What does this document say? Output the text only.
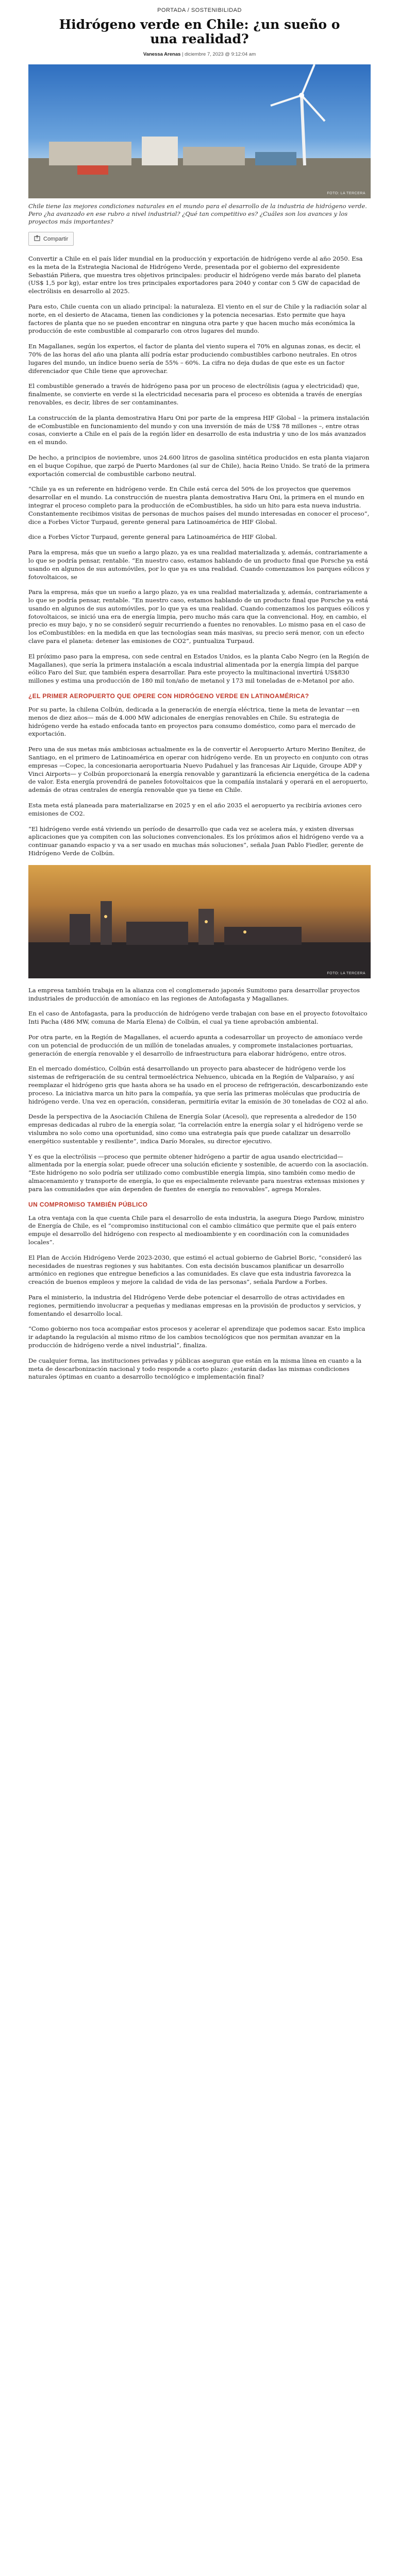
PORTADA / SOSTENIBILIDAD
Hidrógeno verde en Chile: ¿un sueño o una realidad?
Vanessa Arenas | diciembre 7, 2023 @ 9:12:04 am
FOTO: LA TERCERA

Chile tiene las mejores condiciones naturales en el mundo para el desarrollo de la industria de hidrógeno verde. Pero ¿ha avanzado en ese rubro a nivel industrial? ¿Qué tan competitivo es? ¿Cuáles son los avances y los proyectos más importantes?

Compartir

Convertir a Chile en el país líder mundial en la producción y exportación de hidrógeno verde al año 2050. Esa es la meta de la Estrategia Nacional de Hidrógeno Verde, presentada por el gobierno del expresidente Sebastián Piñera, que muestra tres objetivos principales: producir el hidrógeno verde más barato del planeta (US$ 1,5 por kg), estar entre los tres principales exportadores para 2040 y contar con 5 GW de capacidad de electrólisis en desarrollo al 2025.

Para esto, Chile cuenta con un aliado principal: la naturaleza. El viento en el sur de Chile y la radiación solar al norte, en el desierto de Atacama, tienen las condiciones y la potencia necesarias. Esto permite que haya factores de planta que no se pueden encontrar en ninguna otra parte y que hacen mucho más económica la producción de este combustible al compararlo con otros lugares del mundo.

En Magallanes, según los expertos, el factor de planta del viento supera el 70% en algunas zonas, es decir, el 70% de las horas del año una planta allí podría estar produciendo combustibles carbono neutrales. En otros lugares del mundo, un índice bueno sería de 55% – 60%. La cifra no deja dudas de que este es un factor diferenciador que Chile tiene que aprovechar.

El combustible generado a través de hidrógeno pasa por un proceso de electrólisis (agua y electricidad) que, finalmente, se convierte en verde si la electricidad necesaria para el proceso es obtenida a través de energías renovables, es decir, libres de ser contaminantes.

La construcción de la planta demostrativa Haru Oni por parte de la empresa HIF Global – la primera instalación de eCombustible en funcionamiento del mundo y con una inversión de más de US$ 78 millones –, entre otras cosas, convierte a Chile en el país de la región líder en desarrollo de esta industria y uno de los más avanzados en el mundo.

De hecho, a principios de noviembre, unos 24.600 litros de gasolina sintética producidos en esta planta viajaron en el buque Copihue, que zarpó de Puerto Mardones (al sur de Chile), hacia Reino Unido. Se trató de la primera exportación comercial de combustible carbono neutral.

“Chile ya es un referente en hidrógeno verde. En Chile está cerca del 50% de los proyectos que queremos desarrollar en el mundo. La construcción de nuestra planta demostrativa Haru Oni, la primera en el mundo en integrar el proceso completo para la producción de eCombustibles, ha sido un hito para esta nueva industria. Constantemente recibimos visitas de personas de muchos países del mundo interesadas en conocer el proceso”, dice a Forbes Víctor Turpaud, gerente general para Latinoamérica de HIF Global.

dice a Forbes Víctor Turpaud, gerente general para Latinoamérica de HIF Global.

Para la empresa, más que un sueño a largo plazo, ya es una realidad materializada y, además, contrariamente a lo que se podría pensar, rentable. “En nuestro caso, estamos hablando de un producto final que Porsche ya está usando en algunos de sus automóviles, por lo que ya es una realidad. Cuando comenzamos los parques eólicos y fotovoltaicos, se

Para la empresa, más que un sueño a largo plazo, ya es una realidad materializada y, además, contrariamente a lo que se podría pensar, rentable. “En nuestro caso, estamos hablando de un producto final que Porsche ya está usando en algunos de sus automóviles, por lo que ya es una realidad. Cuando comenzamos los parques eólicos y fotovoltaicos, se inició una era de energía limpia, pero mucho más cara que la convencional. Hoy, en cambio, el precio es muy bajo, y no se consideró seguir recurriendo a fuentes no renovables. Lo mismo pasa en el caso de los eCombustibles: en la medida en que las tecnologías sean más masivas, su precio será menor, con un efecto clave para el planeta: detener las emisiones de CO2”, puntualiza Turpaud.

El próximo paso para la empresa, con sede central en Estados Unidos, es la planta Cabo Negro (en la Región de Magallanes), que sería la primera instalación a escala industrial alimentada por la energía limpia del parque eólico Faro del Sur, que también espera desarrollar. Para este proyecto la multinacional invertirá US$830 millones y estima una producción de 180 mil ton/año de metanol y 173 mil toneladas de e-Metanol por año.

¿EL PRIMER AEROPUERTO QUE OPERE CON HIDRÓGENO VERDE EN LATINOAMÉRICA?

Por su parte, la chilena Colbún, dedicada a la generación de energía eléctrica, tiene la meta de levantar —en menos de diez años— más de 4.000 MW adicionales de energías renovables en Chile. Su estrategia de hidrógeno verde ha estado enfocada tanto en proyectos para consumo doméstico, como para el mercado de exportación.

Pero una de sus metas más ambiciosas actualmente es la de convertir el Aeropuerto Arturo Merino Benítez, de Santiago, en el primero de Latinoamérica en operar con hidrógeno verde. En un proyecto en conjunto con otras empresas —Copec, la concesionaria aeroportuaria Nuevo Pudahuel y las francesas Air Liquide, Groupe ADP y Vinci Airports— y Colbún proporcionará la energía renovable y garantizará la eficiencia energética de la cadena de valor. Esta energía provendrá de paneles fotovoltaicos que la compañía instalará y operará en el aeropuerto, además de otras centrales de energía renovable que ya tiene en Chile.

Esta meta está planeada para materializarse en 2025 y en el año 2035 el aeropuerto ya recibiría aviones cero emisiones de CO2.

“El hidrógeno verde está viviendo un período de desarrollo que cada vez se acelera más, y existen diversas aplicaciones que ya compiten con las soluciones convencionales. Es los próximos años el hidrógeno verde va a continuar ganando espacio y va a ser usado en muchas más soluciones”, señala Juan Pablo Fiedler, gerente de Hidrógeno Verde de Colbún.

FOTO: LA TERCERA

La empresa también trabaja en la alianza con el conglomerado japonés Sumitomo para desarrollar proyectos industriales de producción de amoníaco en las regiones de Antofagasta y Magallanes.

En el caso de Antofagasta, para la producción de hidrógeno verde trabajan con base en el proyecto fotovoltaico Inti Pacha (486 MW, comuna de María Elena) de Colbún, el cual ya tiene aprobación ambiental.

Por otra parte, en la Región de Magallanes, el acuerdo apunta a codesarrollar un proyecto de amoníaco verde con un potencial de producción de un millón de toneladas anuales, y compromete instalaciones portuarias, generación de energía renovable y el desarrollo de infraestructura para elaborar hidrógeno, entre otros.

En el mercado doméstico, Colbún está desarrollando un proyecto para abastecer de hidrógeno verde los sistemas de refrigeración de su central termoeléctrica Nehuenco, ubicada en la Región de Valparaíso, y así reemplazar el hidrógeno gris que hasta ahora se ha usado en el proceso de refrigeración, descarbonizando este proceso. La iniciativa marca un hito para la compañía, ya que sería las primeras moléculas que produciría de hidrógeno verde. Una vez en operación, consideran, permitiría evitar la emisión de 30 toneladas de CO2 al año.

Desde la perspectiva de la Asociación Chilena de Energía Solar (Acesol), que representa a alrededor de 150 empresas dedicadas al rubro de la energía solar, “la correlación entre la energía solar y el hidrógeno verde se vislumbra no solo como una oportunidad, sino como una estrategia país que puede catalizar un desarrollo energético sustentable y resiliente”, indica Darío Morales, su director ejecutivo.

Y es que la electrólisis —proceso que permite obtener hidrógeno a partir de agua usando electricidad— alimentada por la energía solar, puede ofrecer una solución eficiente y sostenible, de acuerdo con la asociación. “Este hidrógeno no solo podría ser utilizado como combustible energía limpia, sino también como medio de almacenamiento y transporte de energía, lo que es especialmente relevante para nuestras extensas misiones y para las comunidades que aún dependen de fuentes de energía no renovables”, agrega Morales.

UN COMPROMISO TAMBIÉN PÚBLICO

La otra ventaja con la que cuenta Chile para el desarrollo de esta industria, la asegura Diego Pardow, ministro de Energía de Chile, es el “compromiso institucional con el cambio climático que permite que el país entero empuje el desarrollo del hidrógeno con respecto al medioambiente y en coordinación con la comunidades locales”.

El Plan de Acción Hidrógeno Verde 2023-2030, que estimó el actual gobierno de Gabriel Boric, “consideró las necesidades de nuestras regiones y sus habitantes. Con esta decisión buscamos planificar un desarrollo armónico en regiones que entregue beneficios a las comunidades. Es clave que esta industria favorezca la creación de buenos empleos y mejore la calidad de vida de las personas”, señala Pardow a Forbes.

Para el ministerio, la industria del Hidrógeno Verde debe potenciar el desarrollo de otras actividades en regiones, permitiendo involucrar a pequeñas y medianas empresas en la provisión de productos y servicios, y fomentando el desarrollo local.

“Como gobierno nos toca acompañar estos procesos y acelerar el aprendizaje que podemos sacar. Esto implica ir adaptando la regulación al mismo ritmo de los cambios tecnológicos que nos permitan avanzar en la producción de hidrógeno verde a nivel industrial”, finaliza.

De cualquier forma, las instituciones privadas y públicas aseguran que están en la misma línea en cuanto a la meta de descarbonización nacional y todo responde a corto plazo: ¿estarán dadas las mismas condiciones naturales óptimas en cuanto a desarrollo tecnológico e implementación final?
